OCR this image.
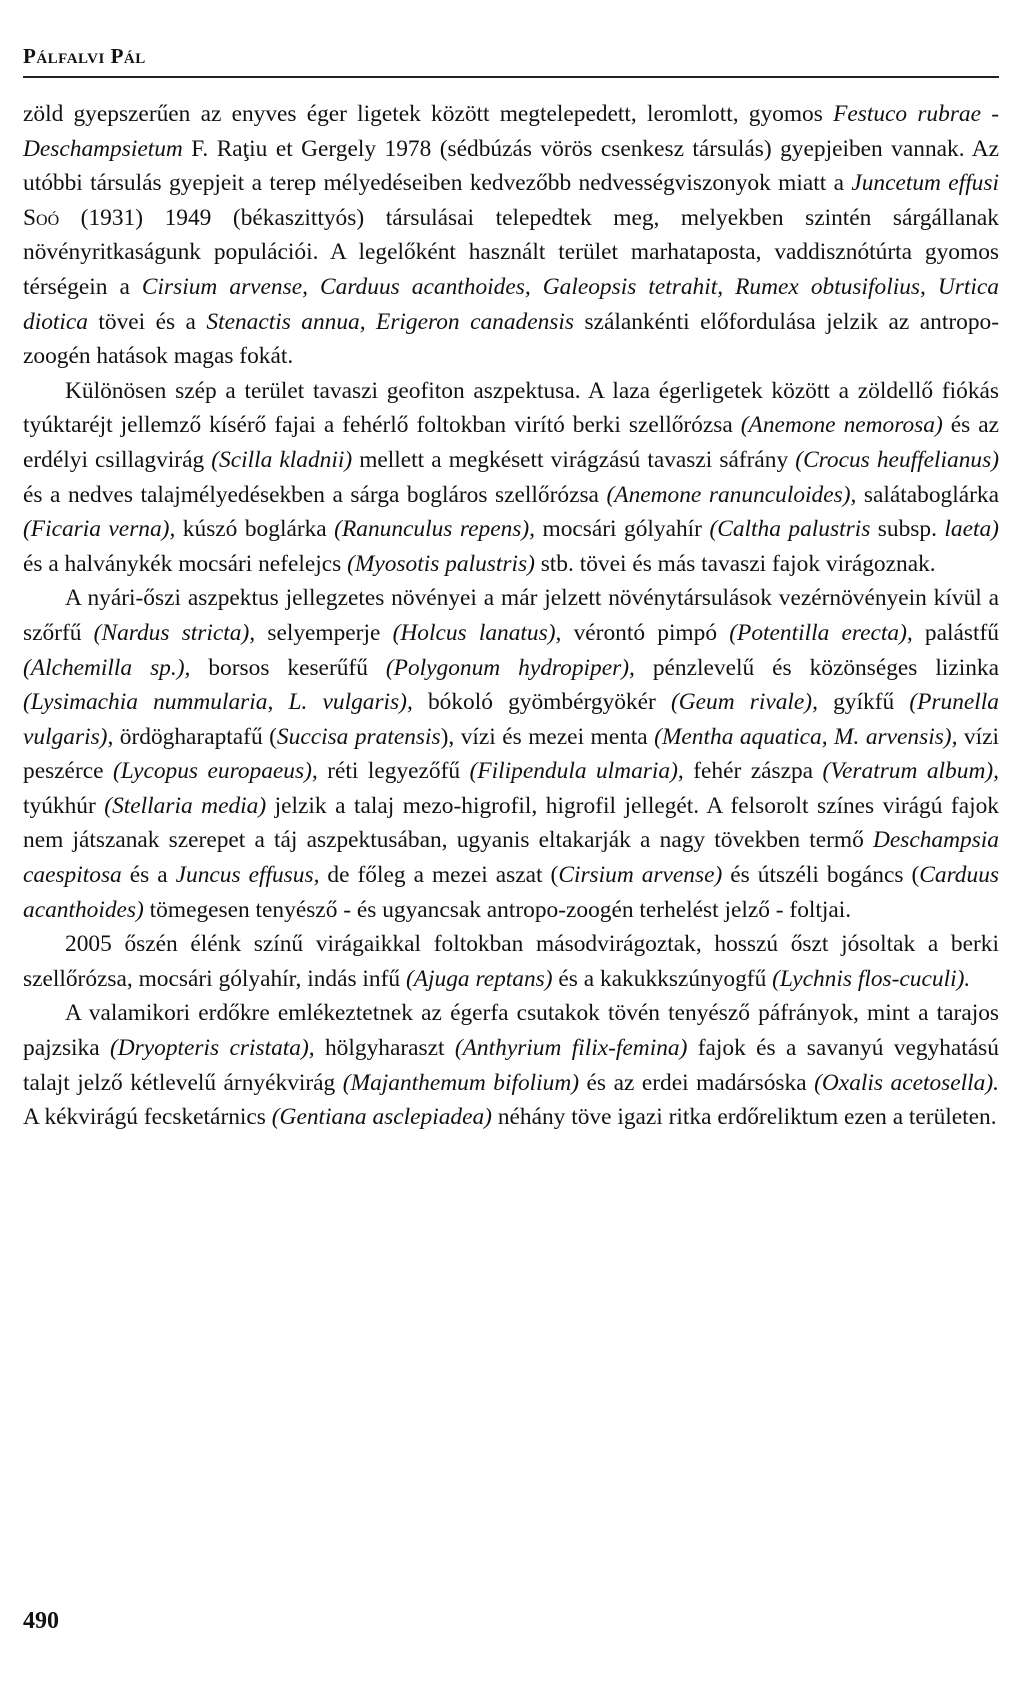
Pálfalvi Pál

zöld gyepszerűen az enyves éger ligetek között megtelepedett, leromlott, gyomos Festuco rubrae - Deschampsietum F. Raţiu et Gergely 1978 (sédbúzás vörös csenkesz társulás) gyepjeiben vannak. Az utóbbi társulás gyepjeit a terep mélyedéseiben kedvezőbb nedvességviszonyok miatt a Juncetum effusi Soó (1931) 1949 (békaszittyós) társulásai telepedtek meg, melyekben szintén sárgállanak növényritkaságunk populációi. A legelőként használt terület marhataposta, vaddisznótúrta gyomos térségein a Cirsium arvense, Carduus acanthoides, Galeopsis tetrahit, Rumex obtusifolius, Urtica diotica tövei és a Stenactis annua, Erigeron canadensis szálankénti előfordulása jelzik az antropo-zoogén hatások magas fokát.

Különösen szép a terület tavaszi geofiton aszpektusa. A laza égerligetek között a zöldellő fiókás tyúktaréjt jellemző kísérő fajai a fehérlő foltokban virító berki szellőrózsa (Anemone nemorosa) és az erdélyi csillagvirág (Scilla kladnii) mellett a megkésett virágzású tavaszi sáfrány (Crocus heuffelianus) és a nedves talajmélyedésekben a sárga bogláros szellőrózsa (Anemone ranunculoides), salátaboglárka (Ficaria verna), kúszó boglárka (Ranunculus repens), mocsári gólyahír (Caltha palustris subsp. laeta) és a halványkék mocsári nefelejcs (Myosotis palustris) stb. tövei és más tavaszi fajok virágoznak.

A nyári-őszi aszpektus jellegzetes növényei a már jelzett növénytársulások vezérnövényein kívül a szőrfű (Nardus stricta), selyemperje (Holcus lanatus), vérontó pimpó (Potentilla erecta), palástfű (Alchemilla sp.), borsos keserűfű (Polygonum hydropiper), pénzlevelű és közönséges lizinka (Lysimachia nummularia, L. vulgaris), bókoló gyömbérgyökér (Geum rivale), gyíkfű (Prunella vulgaris), ördögharaptafű (Succisa pratensis), vízi és mezei menta (Mentha aquatica, M. arvensis), vízi peszérce (Lycopus europaeus), réti legyezőfű (Filipendula ulmaria), fehér zászpa (Veratrum album), tyúkhúr (Stellaria media) jelzik a talaj mezo-higrofil, higrofil jellegét. A felsorolt színes virágú fajok nem játszanak szerepet a táj aszpektusában, ugyanis eltakarják a nagy tövekben termő Deschampsia caespitosa és a Juncus effusus, de főleg a mezei aszat (Cirsium arvense) és útszéli bogáncs (Carduus acanthoides) tömegesen tenyésző - és ugyancsak antropo-zoogén terhelést jelző - foltjai.

2005 őszén élénk színű virágaikkal foltokban másodvirágoztak, hosszú őszt jósoltak a berki szellőrózsa, mocsári gólyahír, indás infű (Ajuga reptans) és a kakukkszúnyogfű (Lychnis flos-cuculi).

A valamikori erdőkre emlékeztetnek az égerfa csutakok tövén tenyésző páfrányok, mint a tarajos pajzsika (Dryopteris cristata), hölgyharaszt (Anthyrium filix-femina) fajok és a savanyú vegyhatású talajt jelző kétlevelű árnyékvirág (Majanthemum bifolium) és az erdei madársóska (Oxalis acetosella). A kékvirágú fecsketárnics (Gentiana asclepiadea) néhány töve igazi ritka erdőreliktum ezen a területen.

490
